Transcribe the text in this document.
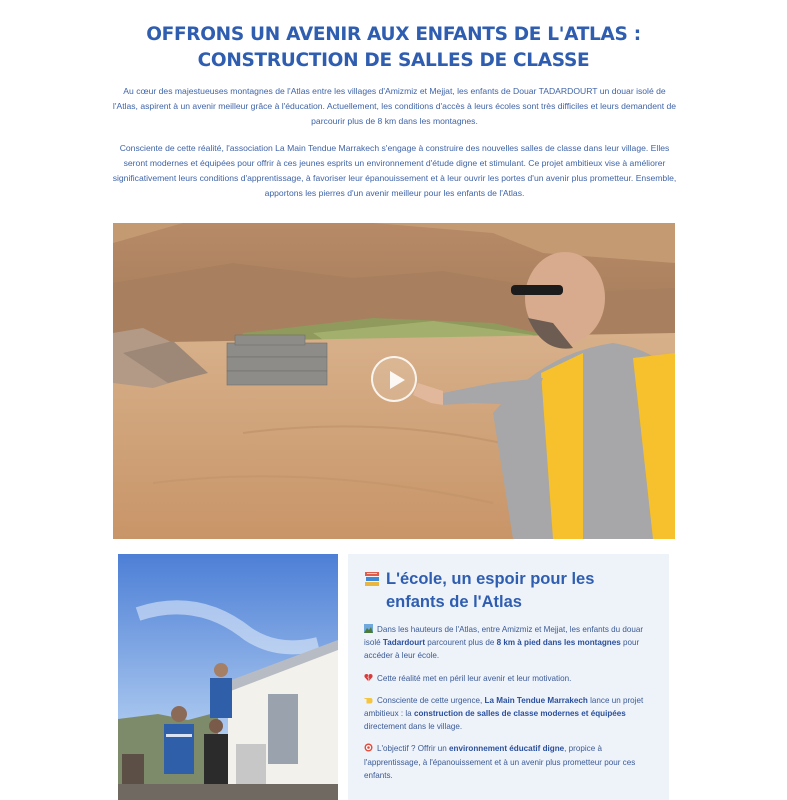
OFFRONS UN AVENIR AUX ENFANTS DE L'ATLAS :
CONSTRUCTION DE SALLES DE CLASSE

Au cœur des majestueuses montagnes de l'Atlas entre les villages d'Amizmiz et Mejjat, les enfants de Douar TADARDOURT un douar isolé de l'Atlas, aspirent à un avenir meilleur grâce à l'éducation. Actuellement, les conditions d'accès à leurs écoles sont très difficiles et leurs demandent de parcourir plus de 8 km dans les montagnes.

Consciente de cette réalité, l'association La Main Tendue Marrakech s'engage à construire des nouvelles salles de classe dans leur village. Elles seront modernes et équipées pour offrir à ces jeunes esprits un environnement d'étude digne et stimulant. Ce projet ambitieux vise à améliorer significativement leurs conditions d'apprentissage, à favoriser leur épanouissement et à leur ouvrir les portes d'un avenir plus prometteur. Ensemble, apportons les pierres d'un avenir meilleur pour les enfants de l'Atlas.

L'école, un espoir pour les enfants de l'Atlas

Dans les hauteurs de l'Atlas, entre Amizmiz et Mejjat, les enfants du douar isolé Tadardourt parcourent plus de 8 km à pied dans les montagnes pour accéder à leur école.

Cette réalité met en péril leur avenir et leur motivation.

Consciente de cette urgence, La Main Tendue Marrakech lance un projet ambitieux : la construction de salles de classe modernes et équipées directement dans le village.

L'objectif ? Offrir un environnement éducatif digne, propice à l'apprentissage, à l'épanouissement et à un avenir plus prometteur pour ces enfants.
